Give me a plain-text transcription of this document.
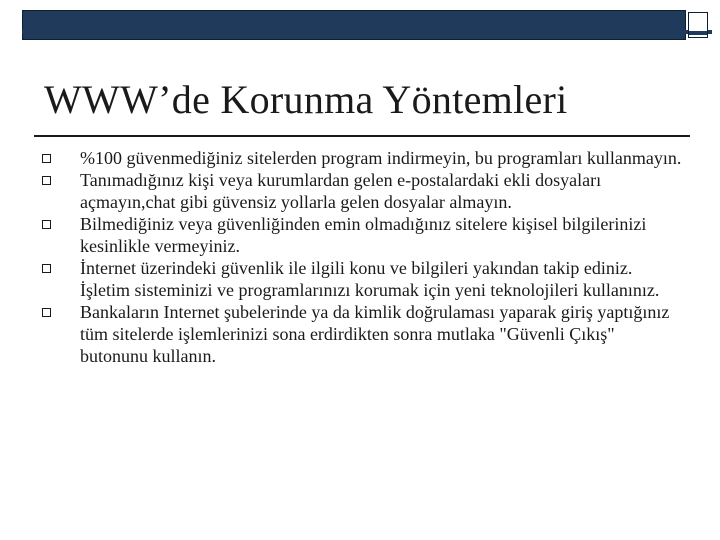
WWW’de Korunma Yöntemleri
%100 güvenmediğiniz sitelerden program indirmeyin, bu programları kullanmayın.
Tanımadığınız kişi veya kurumlardan gelen e-postalardaki ekli dosyaları açmayın,chat gibi güvensiz yollarla gelen dosyalar almayın.
Bilmediğiniz veya güvenliğinden emin olmadığınız sitelere kişisel bilgilerinizi kesinlikle vermeyiniz.
İnternet üzerindeki güvenlik ile ilgili konu ve bilgileri yakından takip ediniz. İşletim sisteminizi ve programlarınızı korumak için yeni teknolojileri kullanınız.
Bankaların Internet şubelerinde ya da kimlik doğrulaması yaparak giriş yaptığınız tüm sitelerde işlemlerinizi sona erdirdikten sonra mutlaka "Güvenli Çıkış" butonunu kullanın.
